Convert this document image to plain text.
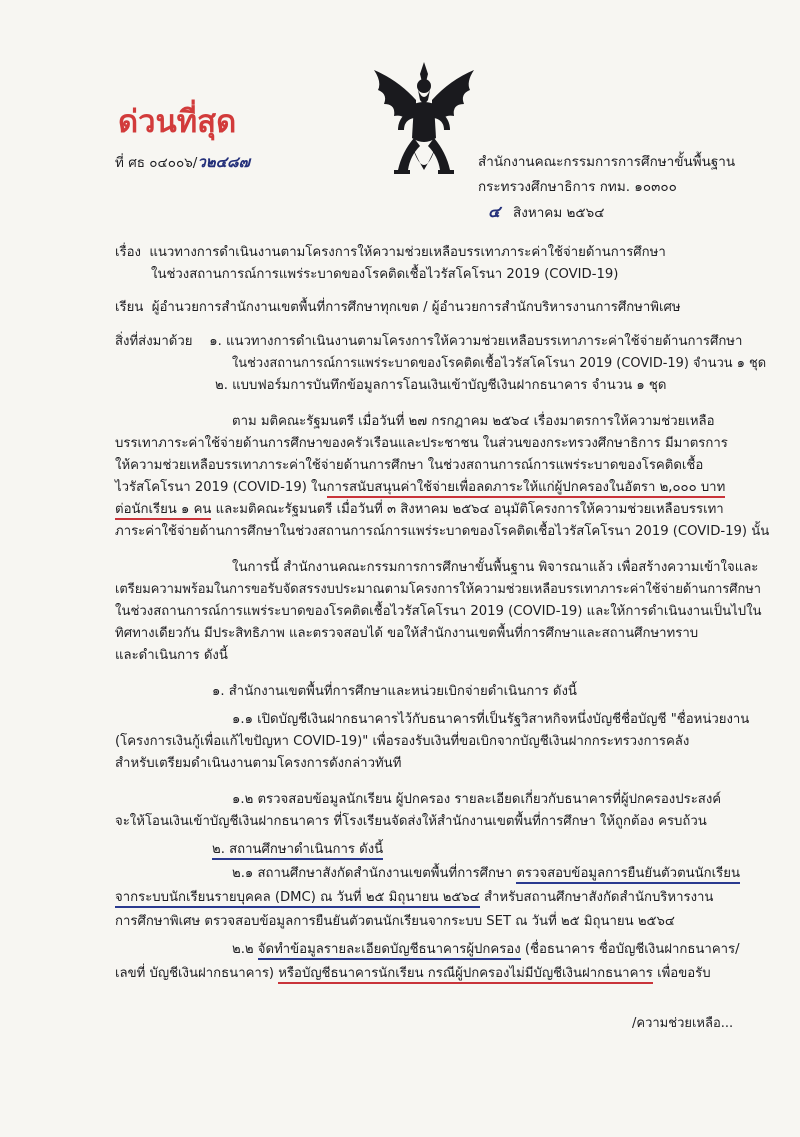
ด่วนที่สุด
ที่ ศธ ๐๔๐๐๖/ว๒๔๘๗	สำนักงานคณะกรรมการการศึกษาขั้นพื้นฐาน
กระทรวงศึกษาธิการ กทม. ๑๐๓๐๐
๔ สิงหาคม ๒๕๖๔
เรื่อง แนวทางการดำเนินงานตามโครงการให้ความช่วยเหลือบรรเทาภาระค่าใช้จ่ายด้านการศึกษา
ในช่วงสถานการณ์การแพร่ระบาดของโรคติดเชื้อไวรัสโคโรนา 2019 (COVID-19)
เรียน ผู้อำนวยการสำนักงานเขตพื้นที่การศึกษาทุกเขต / ผู้อำนวยการสำนักบริหารงานการศึกษาพิเศษ
สิ่งที่ส่งมาด้วย ๑. แนวทางการดำเนินงานตามโครงการให้ความช่วยเหลือบรรเทาภาระค่าใช้จ่ายด้านการศึกษา
ในช่วงสถานการณ์การแพร่ระบาดของโรคติดเชื้อไวรัสโคโรนา 2019 (COVID-19) จำนวน ๑ ชุด
๒. แบบฟอร์มการบันทึกข้อมูลการโอนเงินเข้าบัญชีเงินฝากธนาคาร จำนวน ๑ ชุด
ตาม มติคณะรัฐมนตรี เมื่อวันที่ ๒๗ กรกฎาคม ๒๕๖๔ เรื่องมาตรการให้ความช่วยเหลือ
บรรเทาภาระค่าใช้จ่ายด้านการศึกษาของครัวเรือนและประชาชน ในส่วนของกระทรวงศึกษาธิการ มีมาตรการ
ให้ความช่วยเหลือบรรเทาภาระค่าใช้จ่ายด้านการศึกษา ในช่วงสถานการณ์การแพร่ระบาดของโรคติดเชื้อ
ไวรัสโคโรนา 2019 (COVID-19) ในการสนับสนุนค่าใช้จ่ายเพื่อลดภาระให้แก่ผู้ปกครองในอัตรา ๒,๐๐๐ บาท
ต่อนักเรียน ๑ คน และมติคณะรัฐมนตรี เมื่อวันที่ ๓ สิงหาคม ๒๕๖๔ อนุมัติโครงการให้ความช่วยเหลือบรรเทา
ภาระค่าใช้จ่ายด้านการศึกษาในช่วงสถานการณ์การแพร่ระบาดของโรคติดเชื้อไวรัสโคโรนา 2019 (COVID-19) นั้น
ในการนี้ สำนักงานคณะกรรมการการศึกษาขั้นพื้นฐาน พิจารณาแล้ว เพื่อสร้างความเข้าใจและ
เตรียมความพร้อมในการขอรับจัดสรรงบประมาณตามโครงการให้ความช่วยเหลือบรรเทาภาระค่าใช้จ่ายด้านการศึกษา
ในช่วงสถานการณ์การแพร่ระบาดของโรคติดเชื้อไวรัสโคโรนา 2019 (COVID-19) และให้การดำเนินงานเป็นไปใน
ทิศทางเดียวกัน มีประสิทธิภาพ และตรวจสอบได้ ขอให้สำนักงานเขตพื้นที่การศึกษาและสถานศึกษาทราบ
และดำเนินการ ดังนี้
๑. สำนักงานเขตพื้นที่การศึกษาและหน่วยเบิกจ่ายดำเนินการ ดังนี้
๑.๑ เปิดบัญชีเงินฝากธนาคารไว้กับธนาคารที่เป็นรัฐวิสาหกิจหนึ่งบัญชีชื่อบัญชี "ชื่อหน่วยงาน
(โครงการเงินกู้เพื่อแก้ไขปัญหา COVID-19)" เพื่อรองรับเงินที่ขอเบิกจากบัญชีเงินฝากกระทรวงการคลัง
สำหรับเตรียมดำเนินงานตามโครงการดังกล่าวทันที
๑.๒ ตรวจสอบข้อมูลนักเรียน ผู้ปกครอง รายละเอียดเกี่ยวกับธนาคารที่ผู้ปกครองประสงค์
จะให้โอนเงินเข้าบัญชีเงินฝากธนาคาร ที่โรงเรียนจัดส่งให้สำนักงานเขตพื้นที่การศึกษา ให้ถูกต้อง ครบถ้วน
๒. สถานศึกษาดำเนินการ ดังนี้
๒.๑ สถานศึกษาสังกัดสำนักงานเขตพื้นที่การศึกษา ตรวจสอบข้อมูลการยืนยันตัวตนนักเรียน
จากระบบนักเรียนรายบุคคล (DMC) ณ วันที่ ๒๕ มิถุนายน ๒๕๖๔ สำหรับสถานศึกษาสังกัดสำนักบริหารงาน
การศึกษาพิเศษ ตรวจสอบข้อมูลการยืนยันตัวตนนักเรียนจากระบบ SET ณ วันที่ ๒๕ มิถุนายน ๒๕๖๔
๒.๒ จัดทำข้อมูลรายละเอียดบัญชีธนาคารผู้ปกครอง (ชื่อธนาคาร ชื่อบัญชีเงินฝากธนาคาร/
เลขที่ บัญชีเงินฝากธนาคาร) หรือบัญชีธนาคารนักเรียน กรณีผู้ปกครองไม่มีบัญชีเงินฝากธนาคาร เพื่อขอรับ
/ความช่วยเหลือ...
